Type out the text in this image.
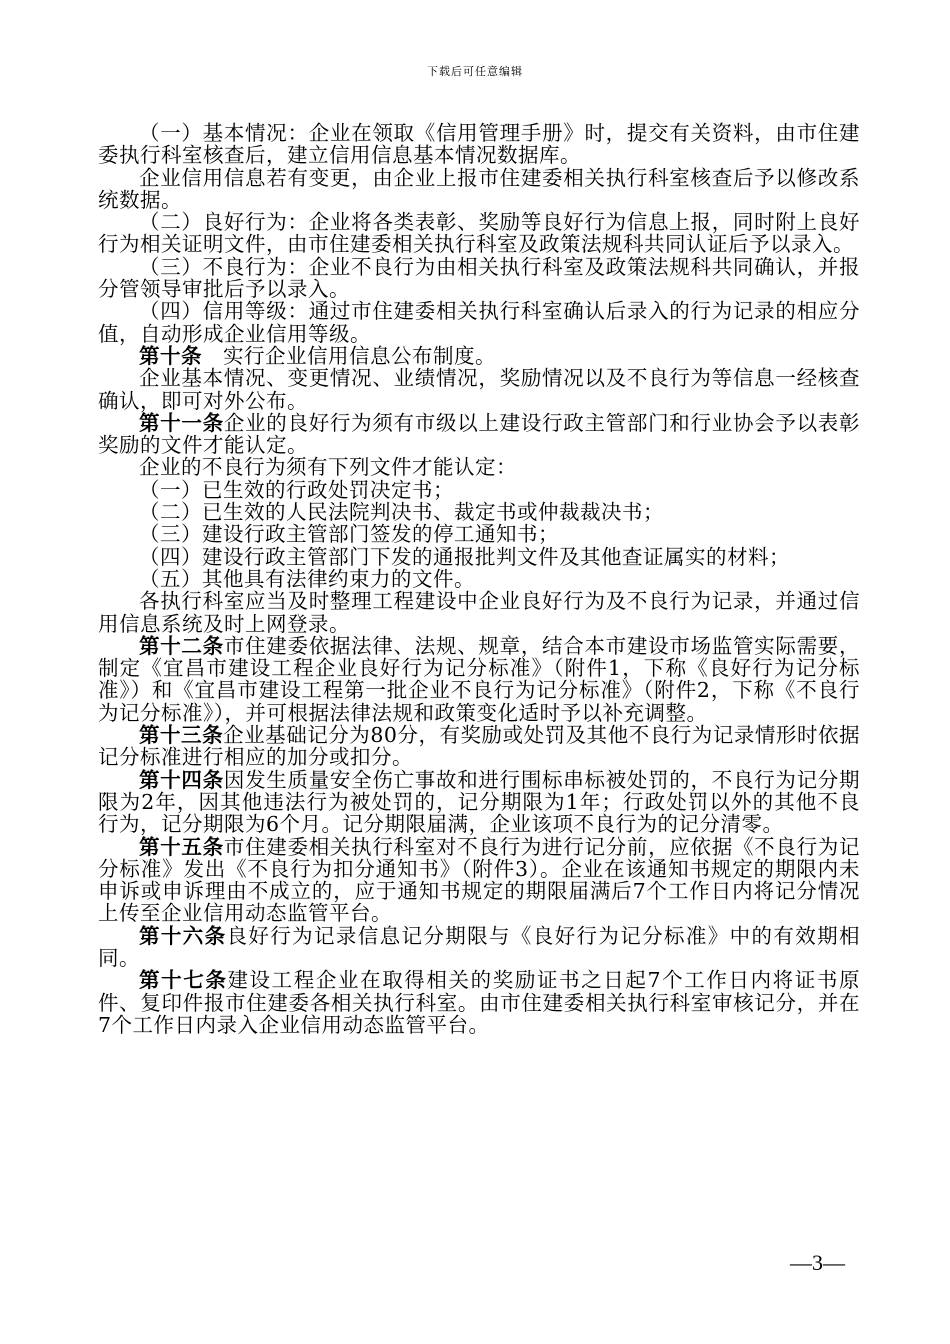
下载后可任意编辑

（一）基本情况：企业在领取《信用管理手册》时，提交有关资料，由市住建委执行科室核查后，建立信用信息基本情况数据库。

企业信用信息若有变更，由企业上报市住建委相关执行科室核查后予以修改系统数据。

（二）良好行为：企业将各类表彰、奖励等良好行为信息上报，同时附上良好行为相关证明文件，由市住建委相关执行科室及政策法规科共同认证后予以录入。

（三）不良行为：企业不良行为由相关执行科室及政策法规科共同确认，并报分管领导审批后予以录入。

（四）信用等级：通过市住建委相关执行科室确认后录入的行为记录的相应分值，自动形成企业信用等级。

第十条　实行企业信用信息公布制度。

企业基本情况、变更情况、业绩情况，奖励情况以及不良行为等信息一经核查确认，即可对外公布。

第十一条企业的良好行为须有市级以上建设行政主管部门和行业协会予以表彰奖励的文件才能认定。

企业的不良行为须有下列文件才能认定：

（一）已生效的行政处罚决定书；

（二）已生效的人民法院判决书、裁定书或仲裁裁决书；

（三）建设行政主管部门签发的停工通知书；

（四）建设行政主管部门下发的通报批判文件及其他查证属实的材料；

（五）其他具有法律约束力的文件。

各执行科室应当及时整理工程建设中企业良好行为及不良行为记录，并通过信用信息系统及时上网登录。

第十二条市住建委依据法律、法规、规章，结合本市建设市场监管实际需要，制定《宜昌市建设工程企业良好行为记分标准》（附件1，下称《良好行为记分标准》）和《宜昌市建设工程第一批企业不良行为记分标准》（附件2，下称《不良行为记分标准》），并可根据法律法规和政策变化适时予以补充调整。

第十三条企业基础记分为80分，有奖励或处罚及其他不良行为记录情形时依据记分标准进行相应的加分或扣分。

第十四条因发生质量安全伤亡事故和进行围标串标被处罚的，不良行为记分期限为2年，因其他违法行为被处罚的，记分期限为1年；行政处罚以外的其他不良行为，记分期限为6个月。记分期限届满，企业该项不良行为的记分清零。

第十五条市住建委相关执行科室对不良行为进行记分前，应依据《不良行为记分标准》发出《不良行为扣分通知书》（附件3）。企业在该通知书规定的期限内未申诉或申诉理由不成立的，应于通知书规定的期限届满后7个工作日内将记分情况上传至企业信用动态监管平台。

第十六条良好行为记录信息记分期限与《良好行为记分标准》中的有效期相同。

第十七条建设工程企业在取得相关的奖励证书之日起7个工作日内将证书原件、复印件报市住建委各相关执行科室。由市住建委相关执行科室审核记分，并在7个工作日内录入企业信用动态监管平台。

—3—
